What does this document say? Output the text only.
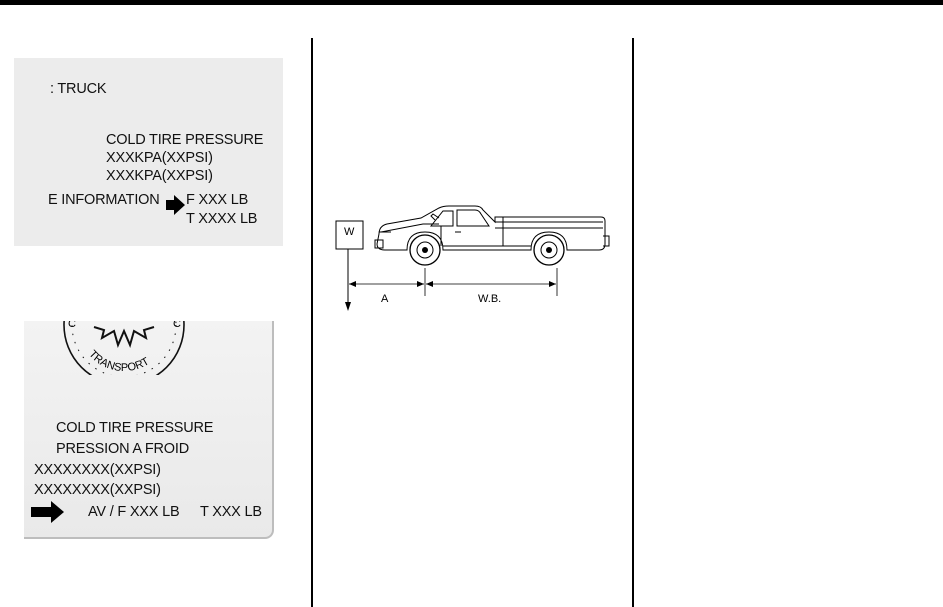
: TRUCK
COLD TIRE PRESSURE
XXXKPA(XXPSI)
XXXKPA(XXPSI)
E INFORMATION F XXX LB
T XXXX LB
TRANSPORT
C	C
COLD TIRE PRESSURE
PRESSION A FROID
XXXXXXXX(XXPSI)
XXXXXXXX(XXPSI)
AV / F XXX LB T XXX LB
W
A	W.B.
